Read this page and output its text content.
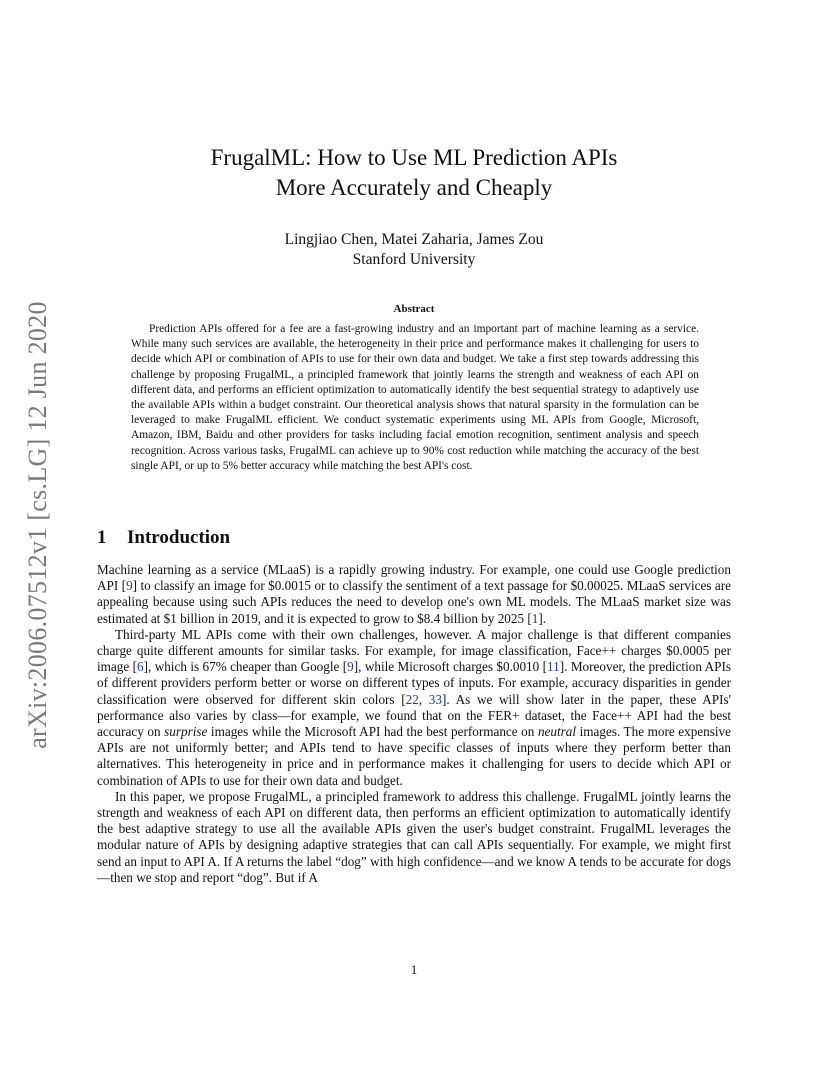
arXiv:2006.07512v1 [cs.LG] 12 Jun 2020
FrugalML: How to Use ML Prediction APIs
More Accurately and Cheaply
Lingjiao Chen, Matei Zaharia, James Zou
Stanford University
Abstract

Prediction APIs offered for a fee are a fast-growing industry and an important part of machine learning as a service. While many such services are available, the heterogeneity in their price and performance makes it challenging for users to decide which API or combination of APIs to use for their own data and budget. We take a first step towards addressing this challenge by proposing FrugalML, a principled framework that jointly learns the strength and weakness of each API on different data, and performs an efficient optimization to automatically identify the best sequential strategy to adaptively use the available APIs within a budget constraint. Our theoretical analysis shows that natural sparsity in the formulation can be leveraged to make FrugalML efficient. We conduct systematic experiments using ML APIs from Google, Microsoft, Amazon, IBM, Baidu and other providers for tasks including facial emotion recognition, sentiment analysis and speech recognition. Across various tasks, FrugalML can achieve up to 90% cost reduction while matching the accuracy of the best single API, or up to 5% better accuracy while matching the best API's cost.

1 Introduction

Machine learning as a service (MLaaS) is a rapidly growing industry. For example, one could use Google prediction API [9] to classify an image for $0.0015 or to classify the sentiment of a text passage for $0.00025. MLaaS services are appealing because using such APIs reduces the need to develop one's own ML models. The MLaaS market size was estimated at $1 billion in 2019, and it is expected to grow to $8.4 billion by 2025 [1].

Third-party ML APIs come with their own challenges, however. A major challenge is that different companies charge quite different amounts for similar tasks. For example, for image classification, Face++ charges $0.0005 per image [6], which is 67% cheaper than Google [9], while Microsoft charges $0.0010 [11]. Moreover, the prediction APIs of different providers perform better or worse on different types of inputs. For example, accuracy disparities in gender classification were observed for different skin colors [22, 33]. As we will show later in the paper, these APIs' performance also varies by class—for example, we found that on the FER+ dataset, the Face++ API had the best accuracy on surprise images while the Microsoft API had the best performance on neutral images. The more expensive APIs are not uniformly better; and APIs tend to have specific classes of inputs where they perform better than alternatives. This heterogeneity in price and in performance makes it challenging for users to decide which API or combination of APIs to use for their own data and budget.

In this paper, we propose FrugalML, a principled framework to address this challenge. FrugalML jointly learns the strength and weakness of each API on different data, then performs an efficient optimization to automatically identify the best adaptive strategy to use all the available APIs given the user's budget constraint. FrugalML leverages the modular nature of APIs by designing adaptive strategies that can call APIs sequentially. For example, we might first send an input to API A. If A returns the label “dog” with high confidence—and we know A tends to be accurate for dogs—then we stop and report “dog”. But if A

1
